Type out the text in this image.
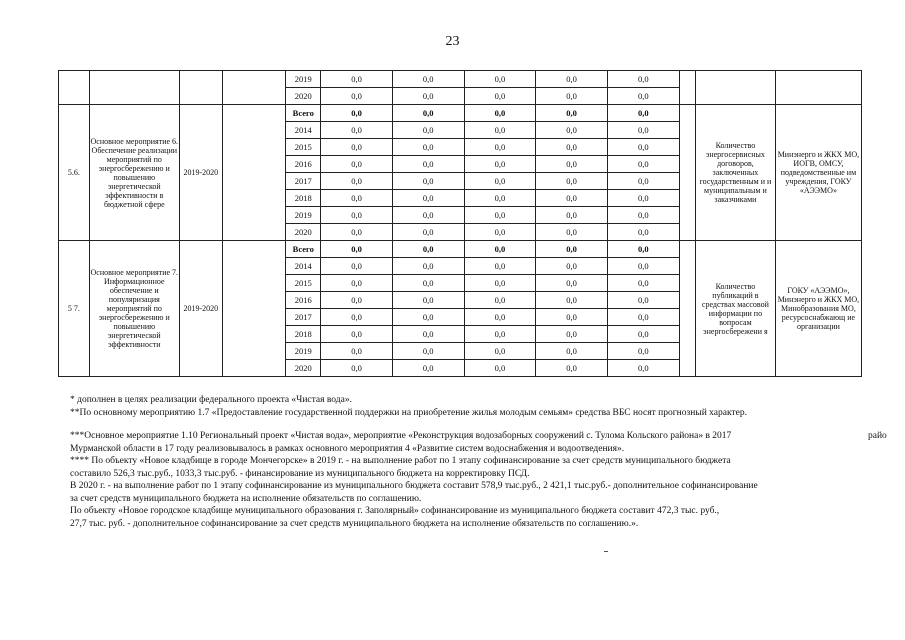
23
				2019	0,0	0,0	0,0	0,0	0,0			
				2020	0,0	0,0	0,0	0,0	0,0			
5.6.	Основное мероприятие 6. Обеспечение реализации мероприятий по энергосбережению и повышению энергетической эффективности в бюджетной сфере	2019-2020		Всего	0,0	0,0	0,0	0,0	0,0		Количество энергосервисных договоров, заключенных государственным и и муниципальным и заказчиками	Минэнерго и ЖКХ МО, ИОГВ, ОМСУ, подведомственные им учреждения, ГОКУ «АЭЭМО»
				2014	0,0	0,0	0,0	0,0	0,0			
				2015	0,0	0,0	0,0	0,0	0,0			
				2016	0,0	0,0	0,0	0,0	0,0			
				2017	0,0	0,0	0,0	0,0	0,0			
				2018	0,0	0,0	0,0	0,0	0,0			
				2019	0,0	0,0	0,0	0,0	0,0			
				2020	0,0	0,0	0,0	0,0	0,0			
5 7.	Основное мероприятие 7. Информационное обеспечение и популяризация мероприятий по энергосбережению и повышению энергетической эффективности	2019-2020		Всего	0,0	0,0	0,0	0,0	0,0		Количество публикаций в средствах массовой информации по вопросам энергосбережени я	ГОКУ «АЭЭМО», Минэнерго и ЖКХ МО, Минобразования МО, ресурсоснабжающ ие организации
				2014	0,0	0,0	0,0	0,0	0,0			
				2015	0,0	0,0	0,0	0,0	0,0			
				2016	0,0	0,0	0,0	0,0	0,0			
				2017	0,0	0,0	0,0	0,0	0,0			
				2018	0,0	0,0	0,0	0,0	0,0			
				2019	0,0	0,0	0,0	0,0	0,0			
				2020	0,0	0,0	0,0	0,0	0,0			

* дополнен в целях реализации федерального проекта «Чистая вода».

**По основному мероприятию 1.7 «Предоставление государственной поддержки на приобретение жилья молодым семьям» средства ВБС носят прогнозный характер.

***Основное мероприятие 1.10 Региональный проект «Чистая вода», мероприятие «Реконструкция водозаборных сооружений с. Тулома Кольского района» в 2017	райо

Мурманской области в 17 году реализовывалось в рамках основного мероприятия 4 «Развитие систем водоснабжения и водоотведения».

**** По объекту «Новое кладбище в городе Мончегорске» в 2019 г. - на выполнение работ по 1 этапу софинансирование за счет средств муниципального бюджета

составило 526,3 тыс.руб., 1033,3 тыс.руб. - финансирование из муниципального бюджета на корректировку ПСД.

В 2020 г. - на выполнение работ по 1 этапу софинансирование из муниципального бюджета составит 578,9 тыс.руб., 2 421,1 тыс.руб.- дополнительное софинансирование

за счет средств муниципального бюджета на исполнение обязательств по соглашению.

По объекту «Новое городское кладбище муниципального образования г. Заполярный» софинансирование из муниципального бюджета составит 472,3 тыс. руб.,

27,7 тыс. руб. - дополнительное софинансирование за счет средств муниципального бюджета на исполнение обязательств по соглашению.».
